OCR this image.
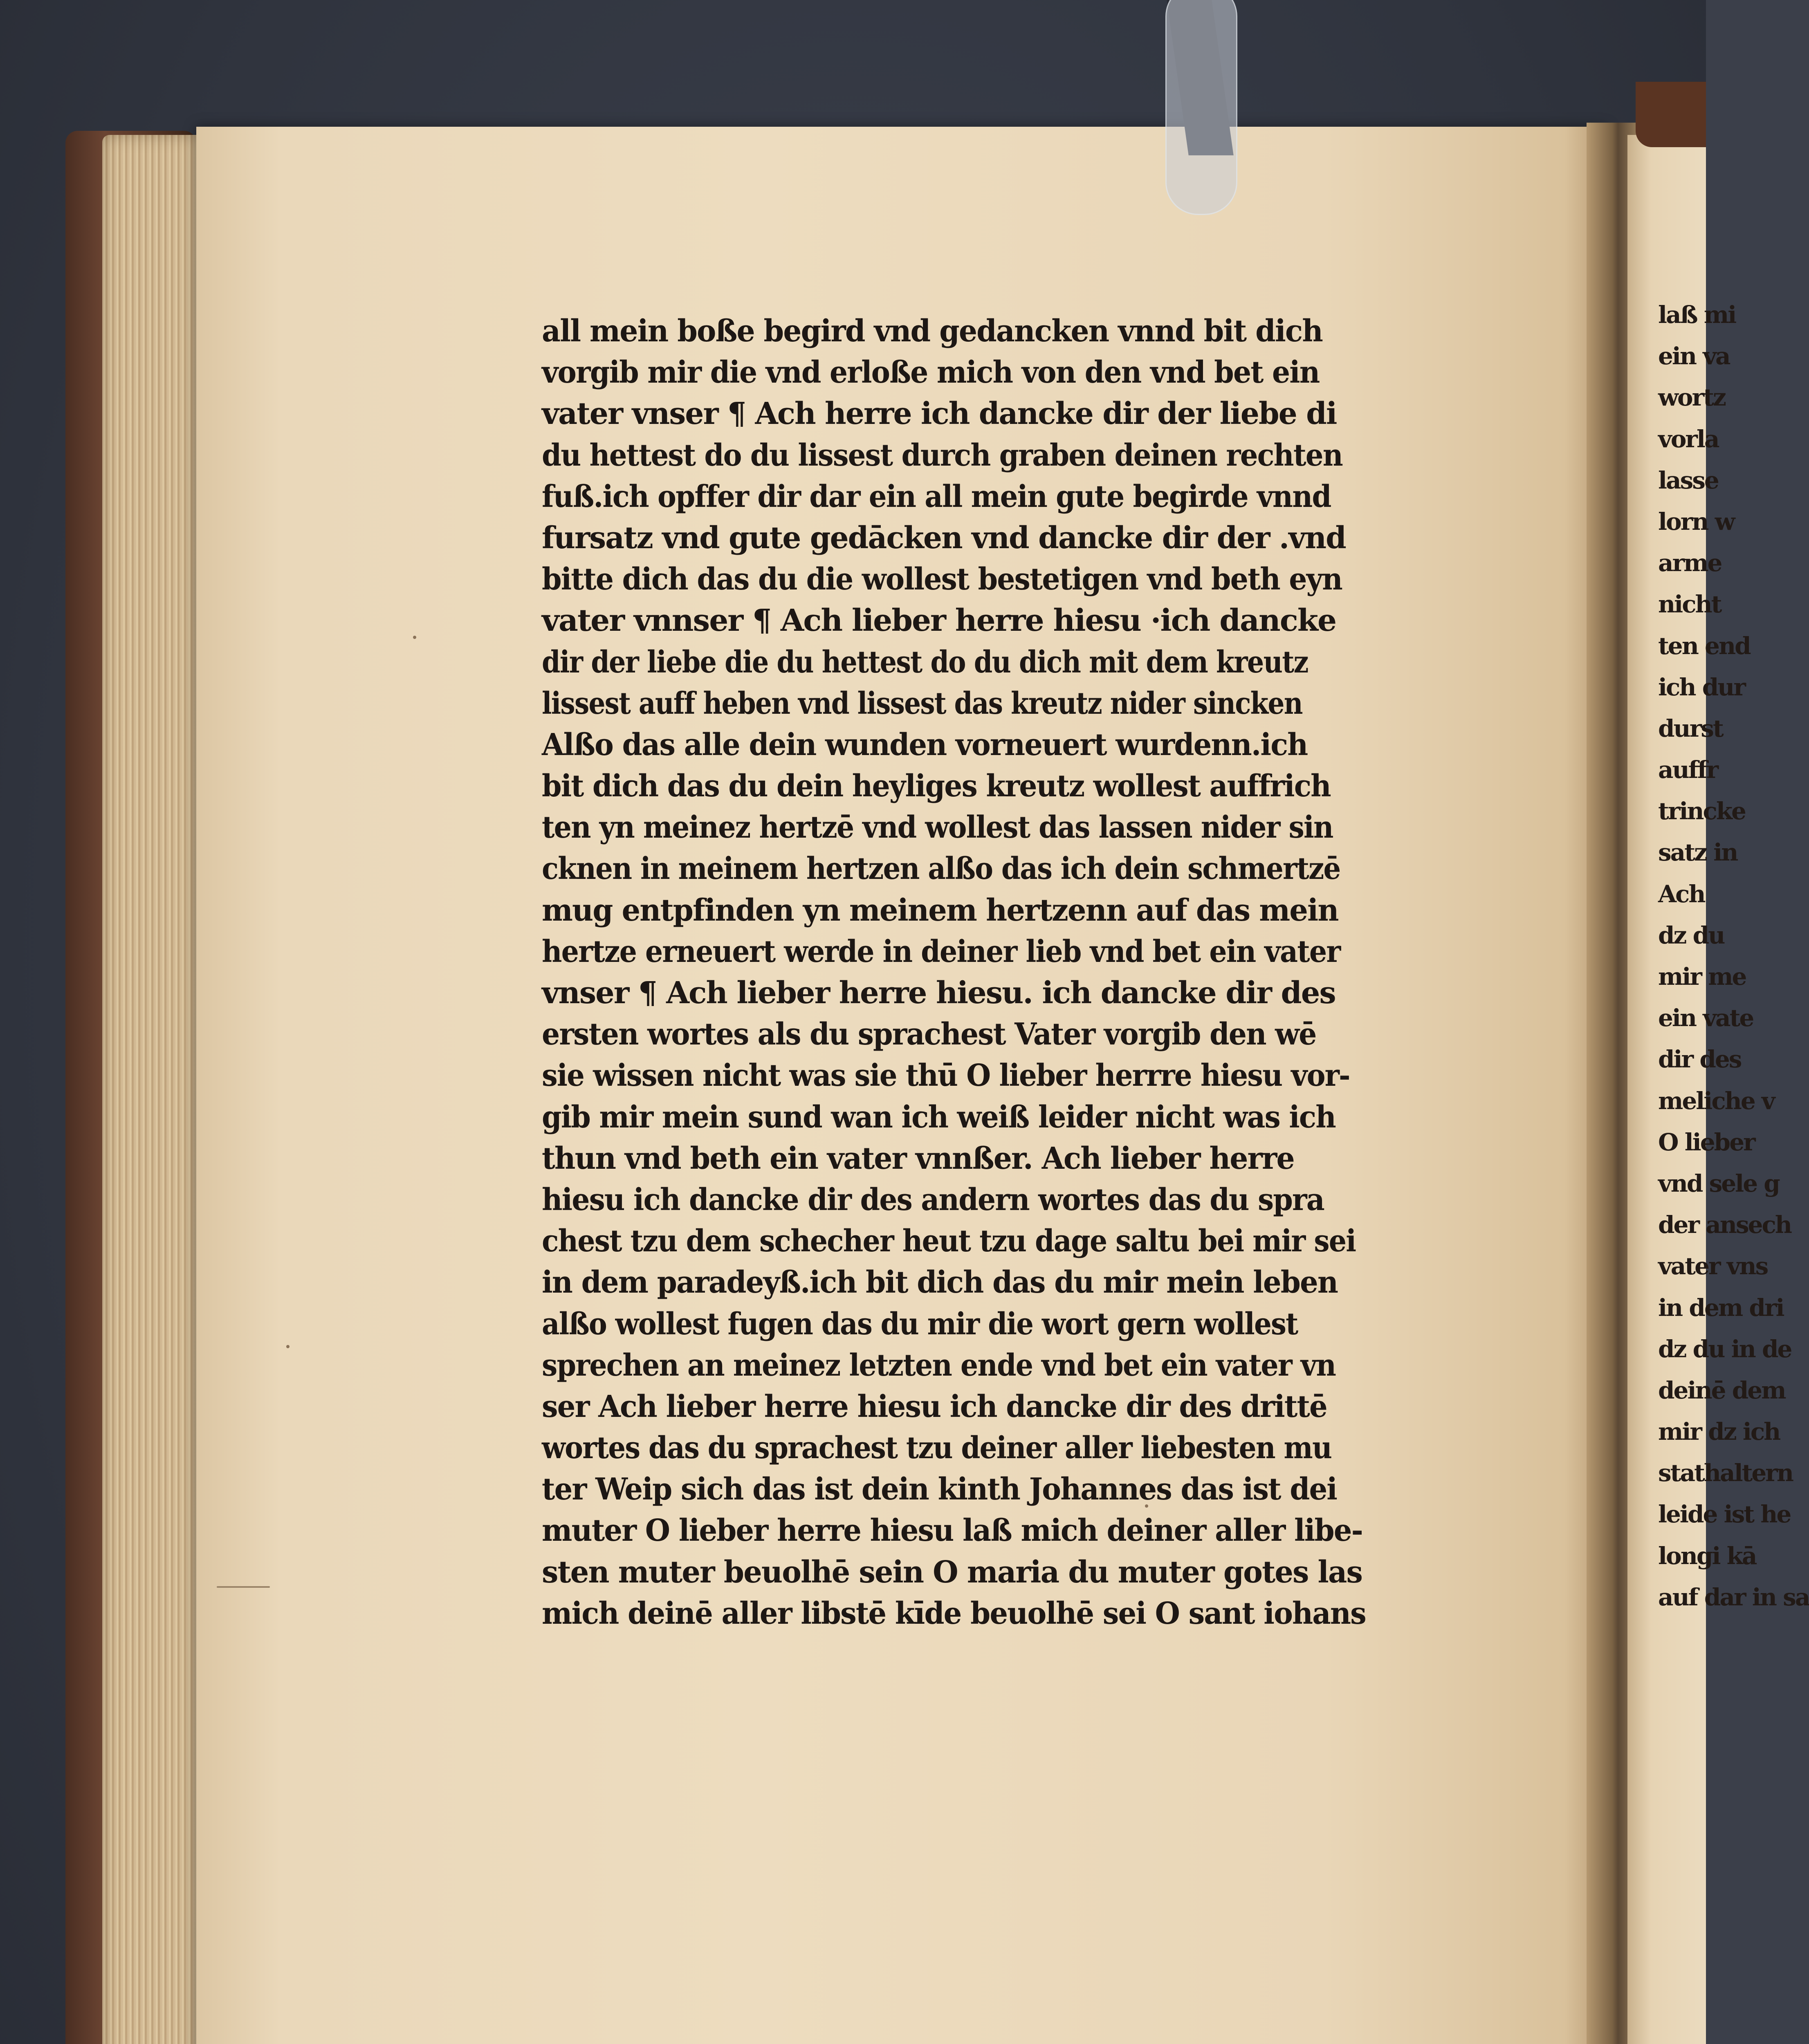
all mein boße begird vnd gedancken vnnd bit dich
vorgib mir die vnd erloße mich von den vnd bet ein
vater vnser ¶ Ach herre ich dancke dir der liebe di
du hettest do du lissest durch graben deinen rechten
fuß.ich opffer dir dar ein all mein gute begirde vnnd
fursatz vnd gute gedācken vnd dancke dir der .vnd
bitte dich das du die wollest bestetigen vnd beth eyn
vater vnnser ¶ Ach lieber herre hiesu ·ich dancke
dir der liebe die du hettest do du dich mit dem kreutz
lissest auff heben vnd lissest das kreutz nider sincken
Alßo das alle dein wunden vorneuert wurdenn.ich
bit dich das du dein heyliges kreutz wollest auffrich
ten yn meinez hertzē vnd wollest das lassen nider sin
cknen in meinem hertzen alßo das ich dein schmertzē
mug entpfinden yn meinem hertzenn auf das mein
hertze erneuert werde in deiner lieb vnd bet ein vater
vnser ¶ Ach lieber herre hiesu. ich dancke dir des
ersten wortes als du sprachest Vater vorgib den wē
sie wissen nicht was sie thū O lieber herrre hiesu vor-
gib mir mein sund wan ich weiß leider nicht was ich
thun vnd beth ein vater vnnßer. Ach lieber herre
hiesu ich dancke dir des andern wortes das du spra
chest tzu dem schecher heut tzu dage saltu bei mir sei
in dem paradeyß.ich bit dich das du mir mein leben
alßo wollest fugen das du mir die wort gern wollest
sprechen an meinez letzten ende vnd bet ein vater vn
ser Ach lieber herre hiesu ich dancke dir des drittē
wortes das du sprachest tzu deiner aller liebesten mu
ter Weip sich das ist dein kinth Johannes das ist dei
muter O lieber herre hiesu laß mich deiner aller libe-
sten muter beuolhē sein O maria du muter gotes las
mich deinē aller libstē kīde beuolhē sei O sant iohans
laß mi
ein va
wortz
vorla
lasse
lorn w
arme
nicht
ten end
ich dur
durst
auffr
trincke
satz in
Ach
dz du
mir me
ein vate
dir des
meliche v
O lieber
vnd sele g
der ansech
vater vns
in dem dri
dz du in de
deinē dem
mir dz ich
stathaltern
leide ist he
longi kā
auf dar in sa
